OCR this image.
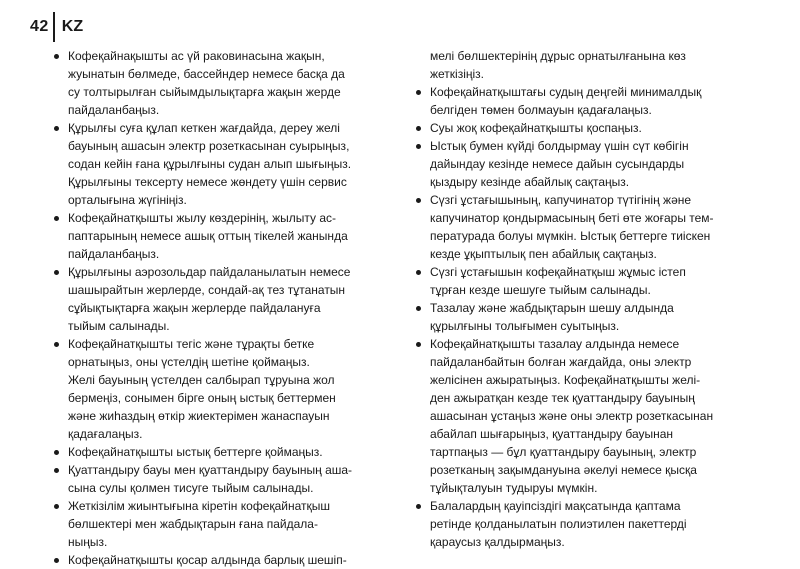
42 KZ
Кофеқайнақышты ас үй раковинасына жақын,
жуынатын бөлмеде, бассейндер немесе басқа да
су толтырылған сыйымдылықтарға жақын жерде
пайдаланбаңыз.
Құрылғы суға құлап кеткен жағдайда, дереу желі
бауының ашасын электр розеткасынан суырыңыз,
содан кейін ғана құрылғыны судан алып шығыңыз.
Құрылғыны тексерту немесе жөндету үшін сервис
орталығына жүгініңіз.
Кофеқайнатқышты жылу көздерінің, жылыту ас-
паптарының немесе ашық оттың тікелей жанында
пайдаланбаңыз.
Құрылғыны аэрозольдар пайдаланылатын немесе
шашырайтын жерлерде, сондай-ақ тез тұтанатын
сұйықтықтарға жақын жерлерде пайдалануға
тыйым салынады.
Кофеқайнатқышты тегіс және тұрақты бетке
орнатыңыз, оны үстелдің шетіне қоймаңыз.
Желі бауының үстелден салбырап тұруына жол
бермеңіз, сонымен бірге оның ыстық беттермен
және жиһаздың өткір жиектерімен жанаспауын
қадағалаңыз.
Кофеқайнатқышты ыстық беттерге қоймаңыз.
Қуаттандыру бауы мен қуаттандыру бауының аша-
сына сулы қолмен тисуге тыйым салынады.
Жеткізілім жиынтығына кіретін кофеқайнатқыш
бөлшектері мен жабдықтарын ғана пайдала-
ныңыз.
Кофеқайнатқышты қосар алдында барлық шешіп-
мелі бөлшектерінің дұрыс орнатылғанына көз
жеткізіңіз.
Кофеқайнатқыштағы судың деңгейі минималдық
белгіден төмен болмауын қадағалаңыз.
Суы жоқ кофеқайнатқышты қоспаңыз.
Ыстық бумен күйді болдырмау үшін сүт көбігін
дайындау кезінде немесе дайын сусындарды
қыздыру кезінде абайлық сақтаңыз.
Сүзгі ұстағышының, капучинатор түтігінің және
капучинатор қондырмасының беті өте жоғары тем-
пературада болуы мүмкін. Ыстық беттерге тиіскен
кезде ұқыптылық пен абайлық сақтаңыз.
Сүзгі ұстағышын кофеқайнатқыш жұмыс істеп
тұрған кезде шешуге тыйым салынады.
Тазалау және жабдықтарын шешу алдында
құрылғыны толығымен суытыңыз.
Кофеқайнатқышты тазалау алдында немесе
пайдаланбайтын болған жағдайда, оны электр
желісінен ажыратыңыз. Кофеқайнатқышты желі-
ден ажыратқан кезде тек қуаттандыру бауының
ашасынан ұстаңыз және оны электр розеткасынан
абайлап шығарыңыз, қуаттандыру бауынан
тартпаңыз — бұл қуаттандыру бауының, электр
розетканың зақымдануына әкелуі немесе қысқа
тұйықталуын тудыруы мүмкін.
Балалардың қауіпсіздігі мақсатында қаптама
ретінде қолданылатын полиэтилен пакеттерді
қараусыз қалдырмаңыз.
